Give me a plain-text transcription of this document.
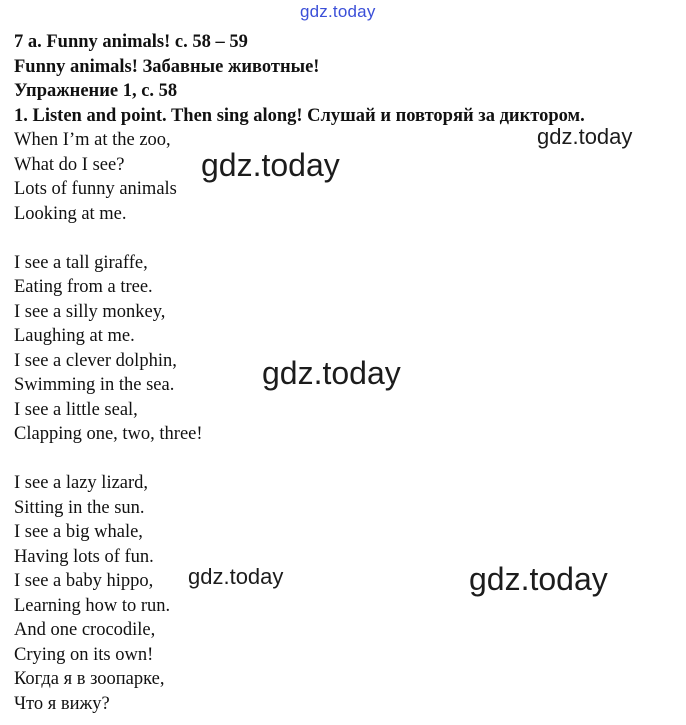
gdz.today
7 a. Funny animals! c. 58 – 59
Funny animals! Забавные животные!
Упражнение 1, с. 58
1. Listen and point. Then sing along! Слушай и повторяй за диктором.
When I’m at the zoo,
What do I see?
Lots of funny animals
Looking at me.
I see a tall giraffe,
Eating from a tree.
I see a silly monkey,
Laughing at me.
I see a clever dolphin,
Swimming in the sea.
I see a little seal,
Clapping one, two, three!
I see a lazy lizard,
Sitting in the sun.
I see a big whale,
Having lots of fun.
I see a baby hippo,
Learning how to run.
And one crocodile,
Crying on its own!
Когда я в зоопарке,
Что я вижу?
gdz.today
gdz.today
gdz.today
gdz.today	gdz.today
